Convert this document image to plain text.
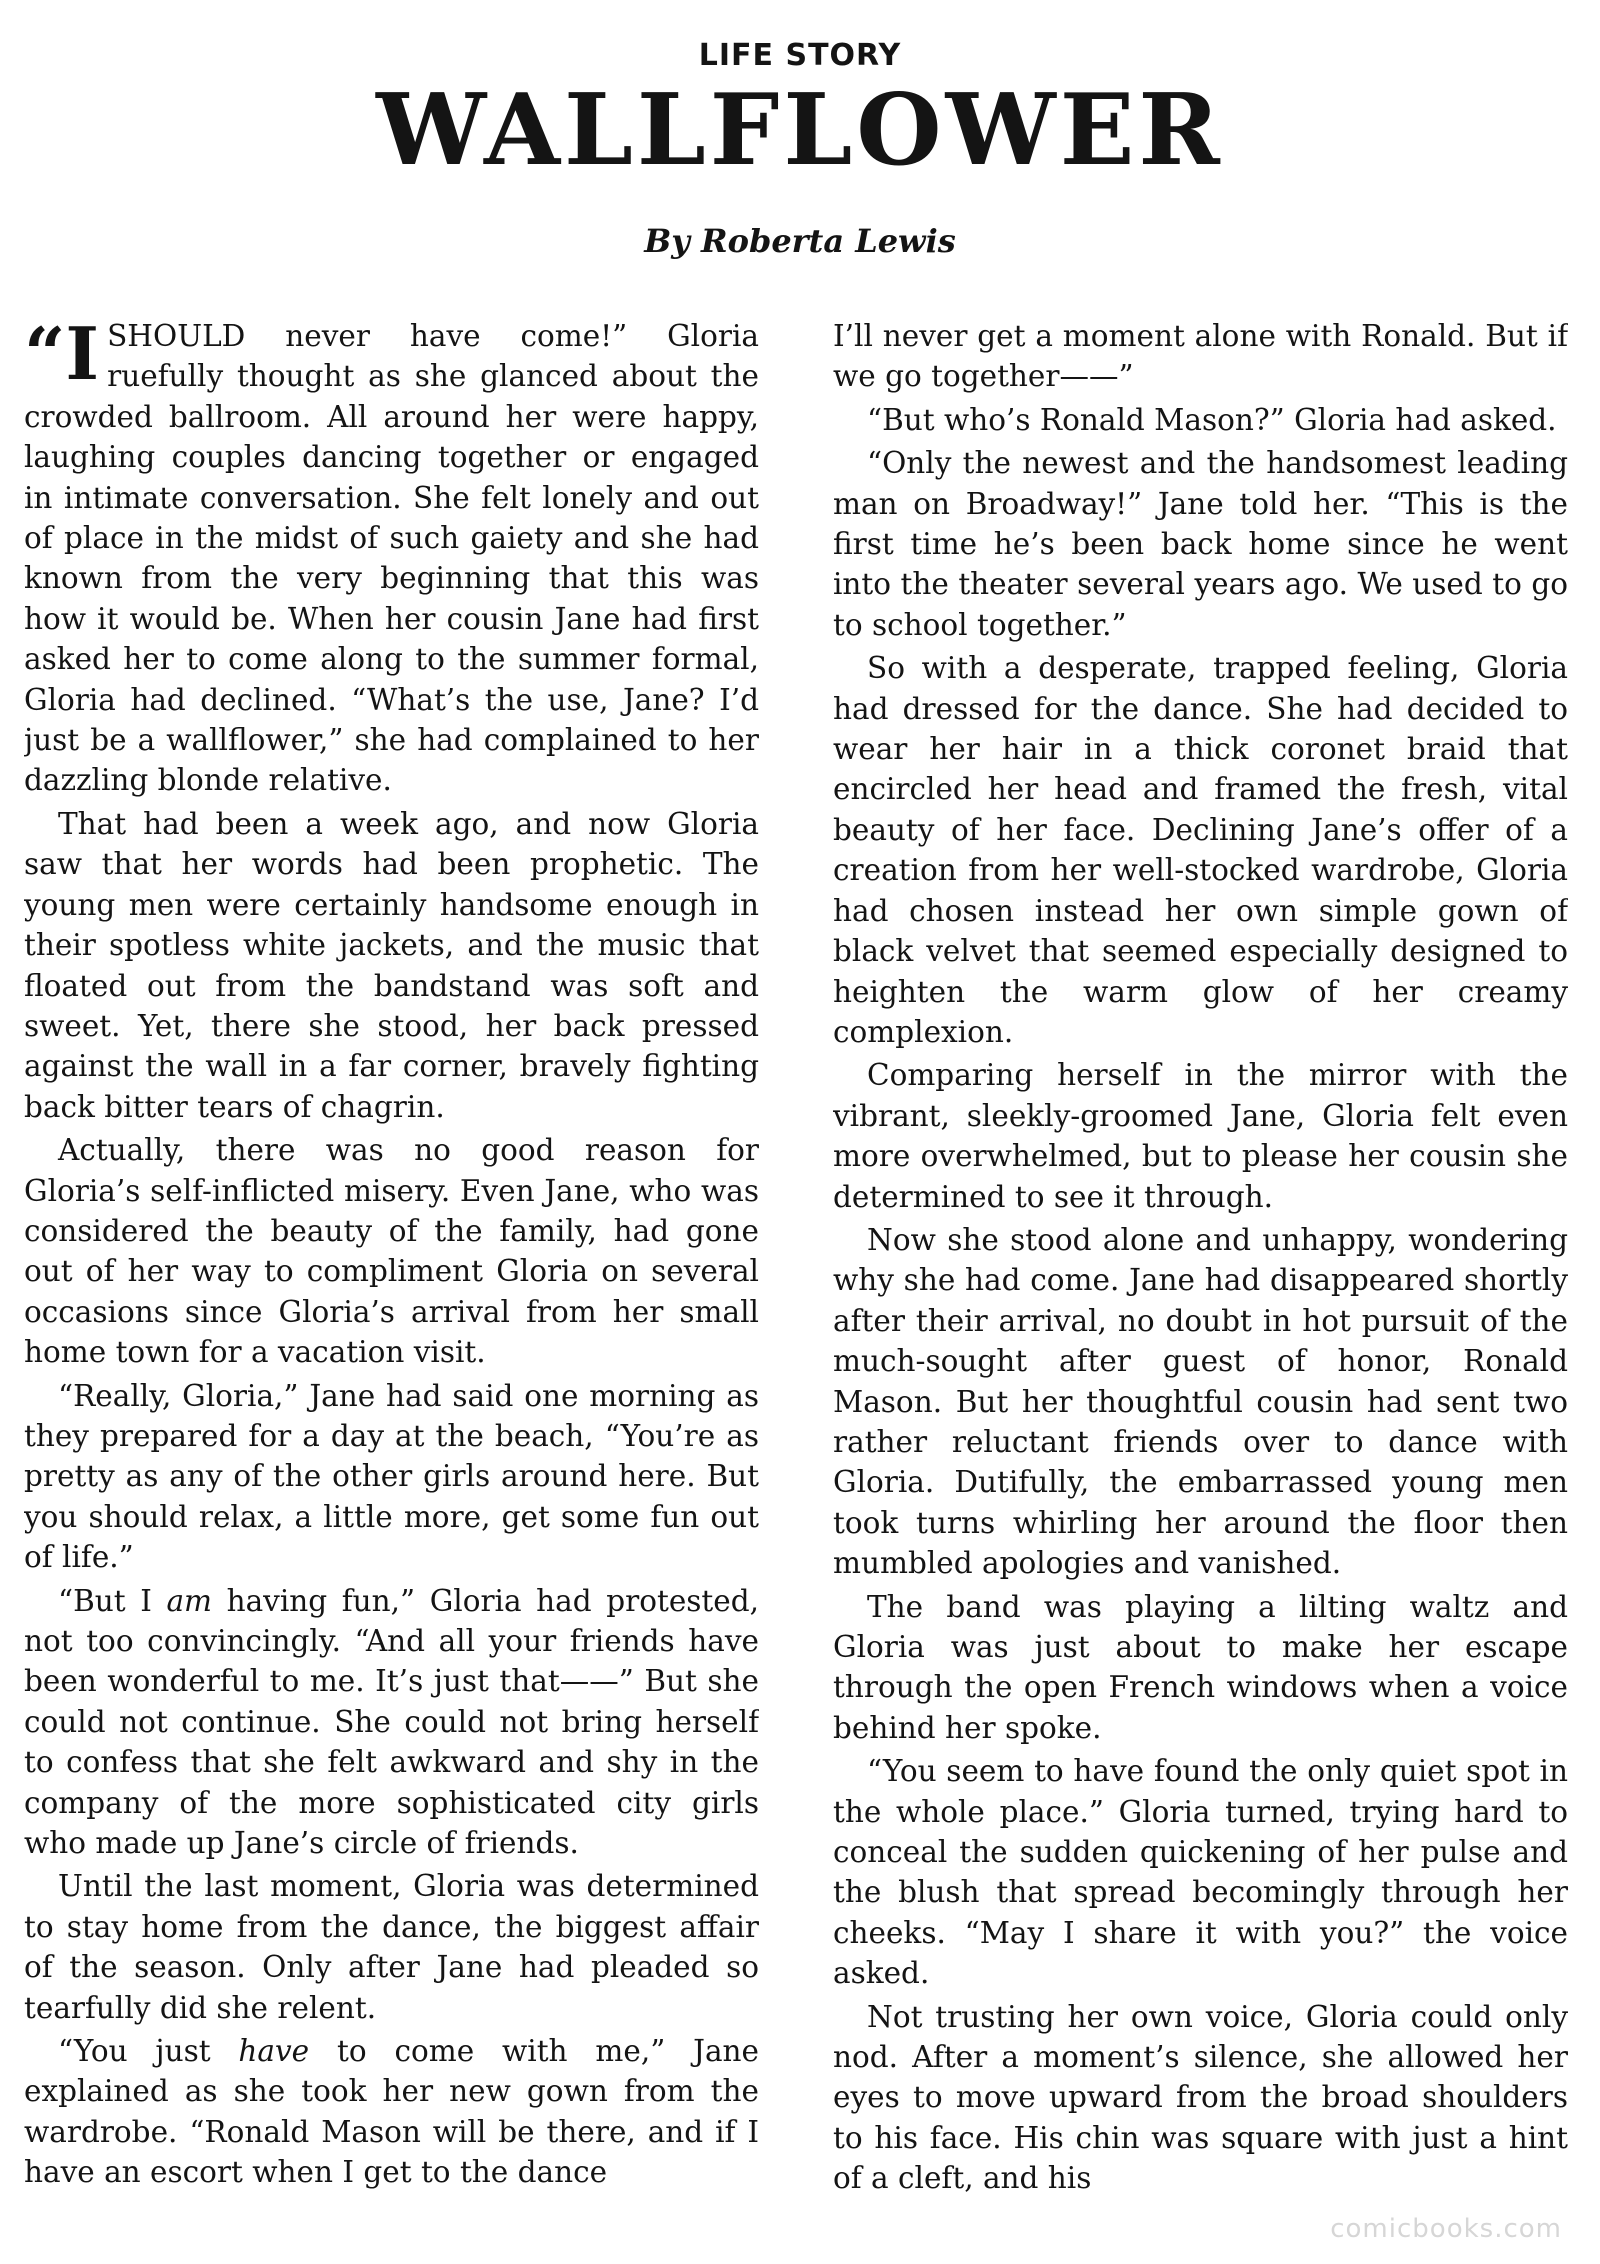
LIFE STORY
WALLFLOWER
By Roberta Lewis

“I SHOULD never have come!” Gloria ruefully thought as she glanced about the crowded ballroom. All around her were happy, laughing couples dancing together or engaged in intimate conversation. She felt lonely and out of place in the midst of such gaiety and she had known from the very beginning that this was how it would be. When her cousin Jane had first asked her to come along to the summer formal, Gloria had declined. “What’s the use, Jane? I’d just be a wallflower,” she had complained to her dazzling blonde relative.

That had been a week ago, and now Gloria saw that her words had been prophetic. The young men were certainly handsome enough in their spotless white jackets, and the music that floated out from the bandstand was soft and sweet. Yet, there she stood, her back pressed against the wall in a far corner, bravely fighting back bitter tears of chagrin.

Actually, there was no good reason for Gloria’s self-inflicted misery. Even Jane, who was considered the beauty of the family, had gone out of her way to compliment Gloria on several occasions since Gloria’s arrival from her small home town for a vacation visit.

“Really, Gloria,” Jane had said one morning as they prepared for a day at the beach, “You’re as pretty as any of the other girls around here. But you should relax, a little more, get some fun out of life.”

“But I am having fun,” Gloria had protested, not too convincingly. “And all your friends have been wonderful to me. It’s just that——” But she could not continue. She could not bring herself to confess that she felt awkward and shy in the company of the more sophisticated city girls who made up Jane’s circle of friends.

Until the last moment, Gloria was determined to stay home from the dance, the biggest affair of the season. Only after Jane had pleaded so tearfully did she relent.

“You just have to come with me,” Jane explained as she took her new gown from the wardrobe. “Ronald Mason will be there, and if I have an escort when I get to the dance

I’ll never get a moment alone with Ronald. But if we go together——”

“But who’s Ronald Mason?” Gloria had asked.

“Only the newest and the handsomest leading man on Broadway!” Jane told her. “This is the first time he’s been back home since he went into the theater several years ago. We used to go to school together.”

So with a desperate, trapped feeling, Gloria had dressed for the dance. She had decided to wear her hair in a thick coronet braid that encircled her head and framed the fresh, vital beauty of her face. Declining Jane’s offer of a creation from her well-stocked wardrobe, Gloria had chosen instead her own simple gown of black velvet that seemed especially designed to heighten the warm glow of her creamy complexion.

Comparing herself in the mirror with the vibrant, sleekly-groomed Jane, Gloria felt even more overwhelmed, but to please her cousin she determined to see it through.

Now she stood alone and unhappy, wondering why she had come. Jane had disappeared shortly after their arrival, no doubt in hot pursuit of the much-sought after guest of honor, Ronald Mason. But her thoughtful cousin had sent two rather reluctant friends over to dance with Gloria. Dutifully, the embarrassed young men took turns whirling her around the floor then mumbled apologies and vanished.

The band was playing a lilting waltz and Gloria was just about to make her escape through the open French windows when a voice behind her spoke.

“You seem to have found the only quiet spot in the whole place.” Gloria turned, trying hard to conceal the sudden quickening of her pulse and the blush that spread becomingly through her cheeks. “May I share it with you?” the voice asked.

Not trusting her own voice, Gloria could only nod. After a moment’s silence, she allowed her eyes to move upward from the broad shoulders to his face. His chin was square with just a hint of a cleft, and his

comicbooks.com
